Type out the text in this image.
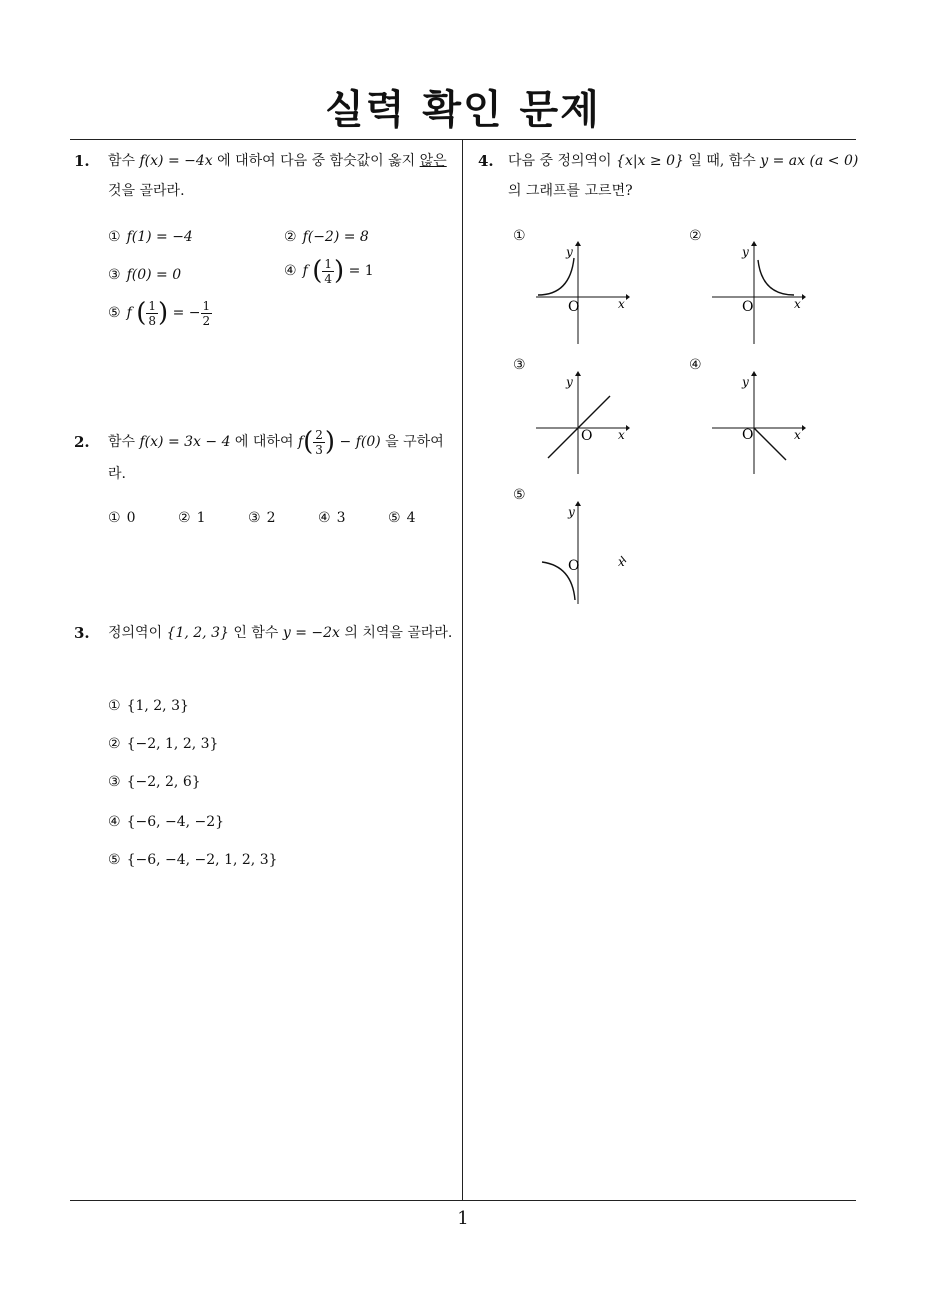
실력 확인 문제
1. 함수 f(x) = −4x 에 대하여 다음 중 함숫값이 옳지 않은 것을 골라라.
① f(1) = −4	② f(−2) = 8
③ f(0) = 0	④ f ( $\frac{1}{4}$ ) = 1
⑤ f ( $\frac{1}{8}$ ) = − $\frac{1}{2}$
2. 함수 f(x) = 3x − 4 에 대하여 $f( \frac{2}{3}$ ) − f(0) 을 구하여라.
① 0	② 1	③ 2	④ 3	⑤ 4
3. 정의역이 {1, 2, 3} 인 함수 y = −2x 의 치역을 골라라.
① {1, 2, 3}
② {−2, 1, 2, 3}
③ {−2, 2, 6}
④ {−6, −4, −2}
⑤ {−6, −4, −2, 1, 2, 3}
4. 다음 중 정의역이 {x|x ≥ 0} 일 때, 함수 y = ax (a < 0) 의 그래프를 고르면?
①	②
③	④
⑤
y
x
O
y
x
O
y
x
O
y
x
O
y
x
O
1
